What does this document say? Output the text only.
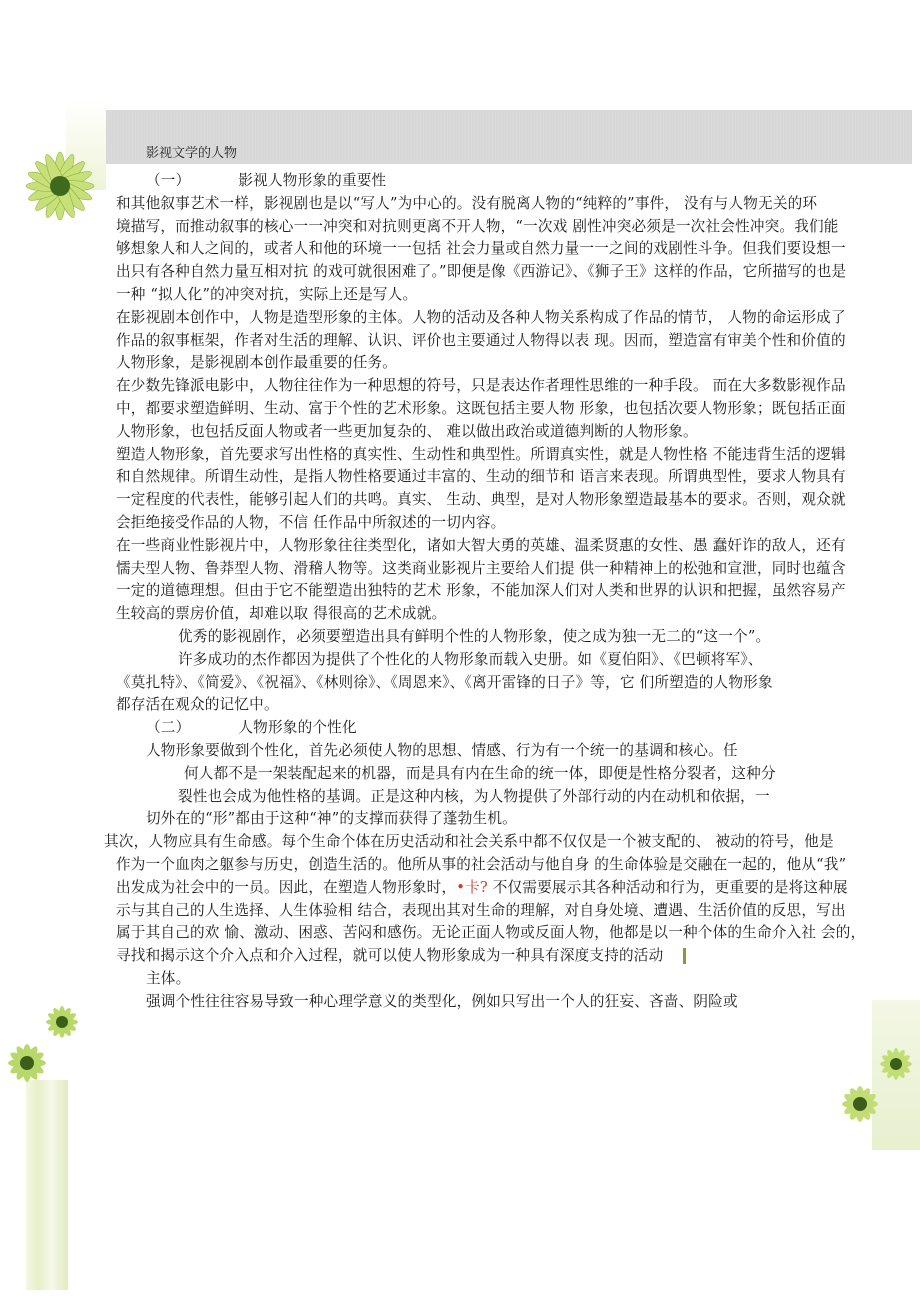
影视文学的人物
（一）	影视人物形象的重要性
和其他叙事艺术一样，影视剧也是以“写人”为中心的。没有脱离人物的“纯粹的”事件， 没有与人物无关的环
境描写，而推动叙事的核心一一冲突和对抗则更离不开人物，“一次戏 剧性冲突必须是一次社会性冲突。我们能
够想象人和人之间的，或者人和他的环境一一包括 社会力量或自然力量一一之间的戏剧性斗争。但我们要设想一
出只有各种自然力量互相对抗 的戏可就很困难了。”即便是像《西游记》、《狮子王》这样的作品，它所描写的也是
一种 “拟人化”的冲突对抗，实际上还是写人。
在影视剧本创作中，人物是造型形象的主体。人物的活动及各种人物关系构成了作品的情节， 人物的命运形成了
作品的叙事框架，作者对生活的理解、认识、评价也主要通过人物得以表 现。因而，塑造富有审美个性和价值的
人物形象，是影视剧本创作最重要的任务。
在少数先锋派电影中，人物往往作为一种思想的符号，只是表达作者理性思维的一种手段。 而在大多数影视作品
中，都要求塑造鲜明、生动、富于个性的艺术形象。这既包括主要人物 形象，也包括次要人物形象；既包括正面
人物形象，也包括反面人物或者一些更加复杂的、 难以做出政治或道德判断的人物形象。
塑造人物形象，首先要求写出性格的真实性、生动性和典型性。所谓真实性，就是人物性格 不能违背生活的逻辑
和自然规律。所谓生动性，是指人物性格要通过丰富的、生动的细节和 语言来表现。所谓典型性，要求人物具有
一定程度的代表性，能够引起人们的共鸣。真实、 生动、典型，是对人物形象塑造最基本的要求。否则，观众就
会拒绝接受作品的人物，不信 任作品中所叙述的一切内容。
在一些商业性影视片中，人物形象往往类型化，诸如大智大勇的英雄、温柔贤惠的女性、愚 蠢奸诈的敌人，还有
懦夫型人物、鲁莽型人物、滑稽人物等。这类商业影视片主要给人们提 供一种精神上的松弛和宣泄，同时也蕴含
一定的道德理想。但由于它不能塑造出独特的艺术 形象，不能加深人们对人类和世界的认识和把握，虽然容易产
生较高的票房价值，却难以取 得很高的艺术成就。
优秀的影视剧作，必须要塑造出具有鲜明个性的人物形象，使之成为独一无二的“这一个”。
许多成功的杰作都因为提供了个性化的人物形象而载入史册。如《夏伯阳》、《巴顿将军》、
《莫扎特》、《简爱》、《祝福》、《林则徐》、《周恩来》、《离开雷锋的日子》等，它 们所塑造的人物形象
都存活在观众的记忆中。
（二）	人物形象的个性化
人物形象要做到个性化，首先必须使人物的思想、情感、行为有一个统一的基调和核心。任
何人都不是一架装配起来的机器，而是具有内在生命的统一体，即便是性格分裂者，这种分
裂性也会成为他性格的基调。正是这种内核，为人物提供了外部行动的内在动机和依据，一
切外在的“形”都由于这种“神”的支撑而获得了蓬勃生机。
其次，人物应具有生命感。每个生命个体在历史活动和社会关系中都不仅仅是一个被支配的、 被动的符号，他是
作为一个血肉之躯参与历史，创造生活的。他所从事的社会活动与他自身 的生命体验是交融在一起的，他从“我”
出发成为社会中的一员。因此，在塑造人物形象时，•卡? 不仅需要展示其各种活动和行为，更重要的是将这种展
示与其自己的人生选择、人生体验相 结合，表现出其对生命的理解，对自身处境、遭遇、生活价值的反思，写出
属于其自己的欢 愉、激动、困惑、苦闷和感伤。无论正面人物或反面人物，他都是以一种个体的生命介入社 会的，
寻找和揭示这个介入点和介入过程，就可以使人物形象成为一种具有深度支持的活动
主体。
强调个性往往容易导致一种心理学意义的类型化，例如只写出一个人的狂妄、吝啬、阴险或
